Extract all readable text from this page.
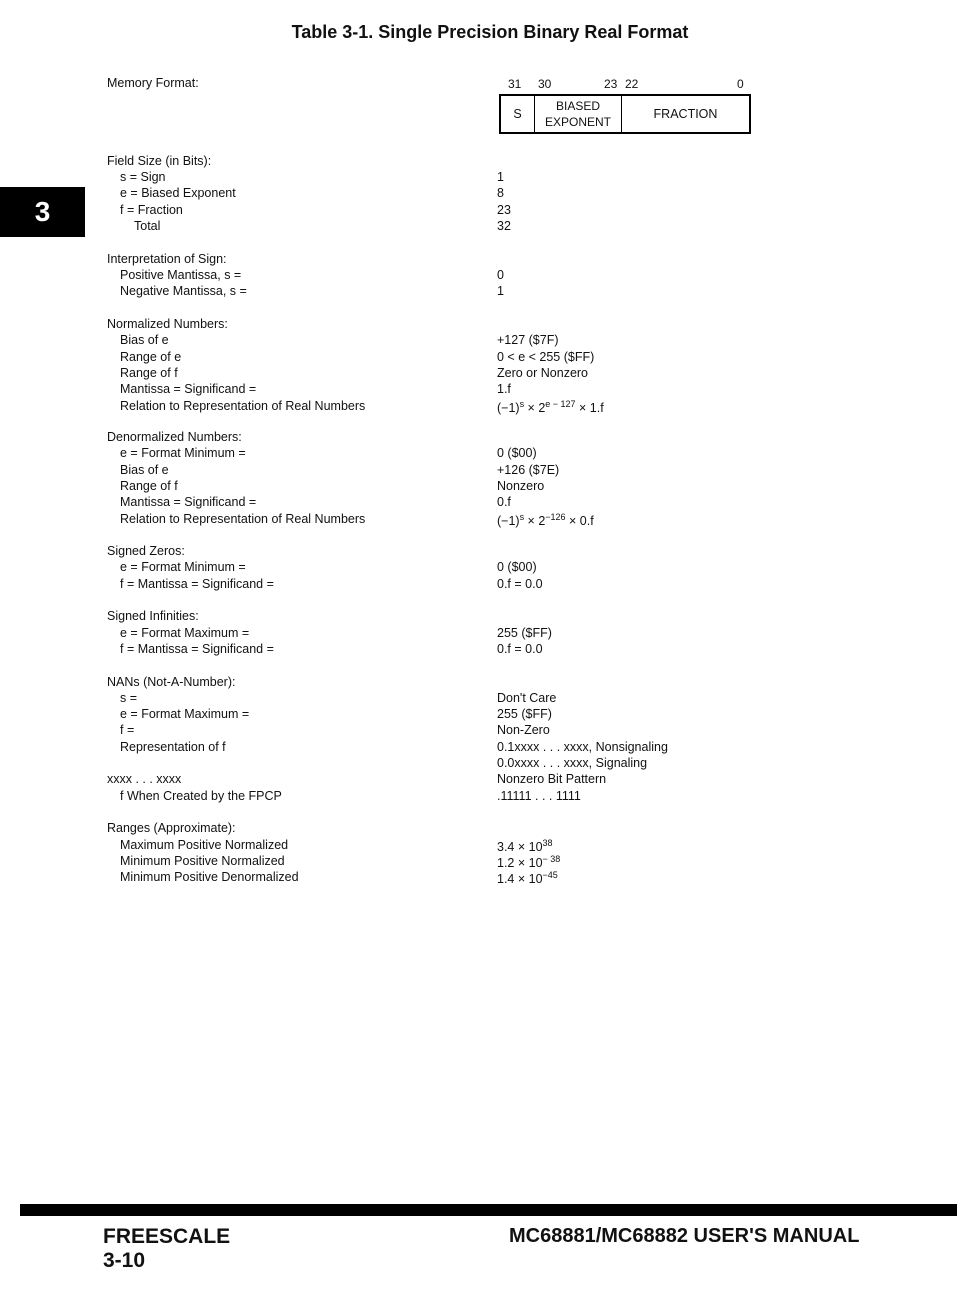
Table 3-1. Single Precision Binary Real Format
3
Memory Format:	31 30	23 22	0
S
BIASED
EXPONENT
FRACTION
Field Size (in Bits):
s = Sign	1
e = Biased Exponent	8
f = Fraction	23
Total	32
Interpretation of Sign:
Positive Mantissa, s =	0
Negative Mantissa, s =	1
Normalized Numbers:
Bias of e	+127 ($7F)
Range of e	0 < e < 255 ($FF)
Range of f	Zero or Nonzero
Mantissa = Significand =	1.f
Relation to Representation of Real Numbers	$(-1)^s \times 2^{e - 127} \times 1.f$
Denormalized Numbers:
e = Format Minimum =	0 ($00)
Bias of e	+126 ($7E)
Range of f	Nonzero
Mantissa = Significand =	0.f
Relation to Representation of Real Numbers	$(-1)^s \times 2^{-126} \times 0.f$
Signed Zeros:
e = Format Minimum =	0 ($00)
f = Mantissa = Significand =	0.f = 0.0
Signed Infinities:
e = Format Maximum =	255 ($FF)
f = Mantissa = Significand =	0.f = 0.0
NANs (Not-A-Number):
s =	Don't Care
e = Format Maximum =	255 ($FF)
f =	Non-Zero
Representation of f	0.1xxxx . . . xxxx, Nonsignaling
0.0xxxx . . . xxxx, Signaling
xxxx . . . xxxx	Nonzero Bit Pattern
f When Created by the FPCP	.11111 . . . 1111
Ranges (Approximate):
Maximum Positive Normalized	$3.4 \times 10^{38}$
Minimum Positive Normalized	$1.2 \times 10^{- 38}$
Minimum Positive Denormalized	$1.4 \times 10^{-45}$
FREESCALE
3-10
MC68881/MC68882 USER'S MANUAL
